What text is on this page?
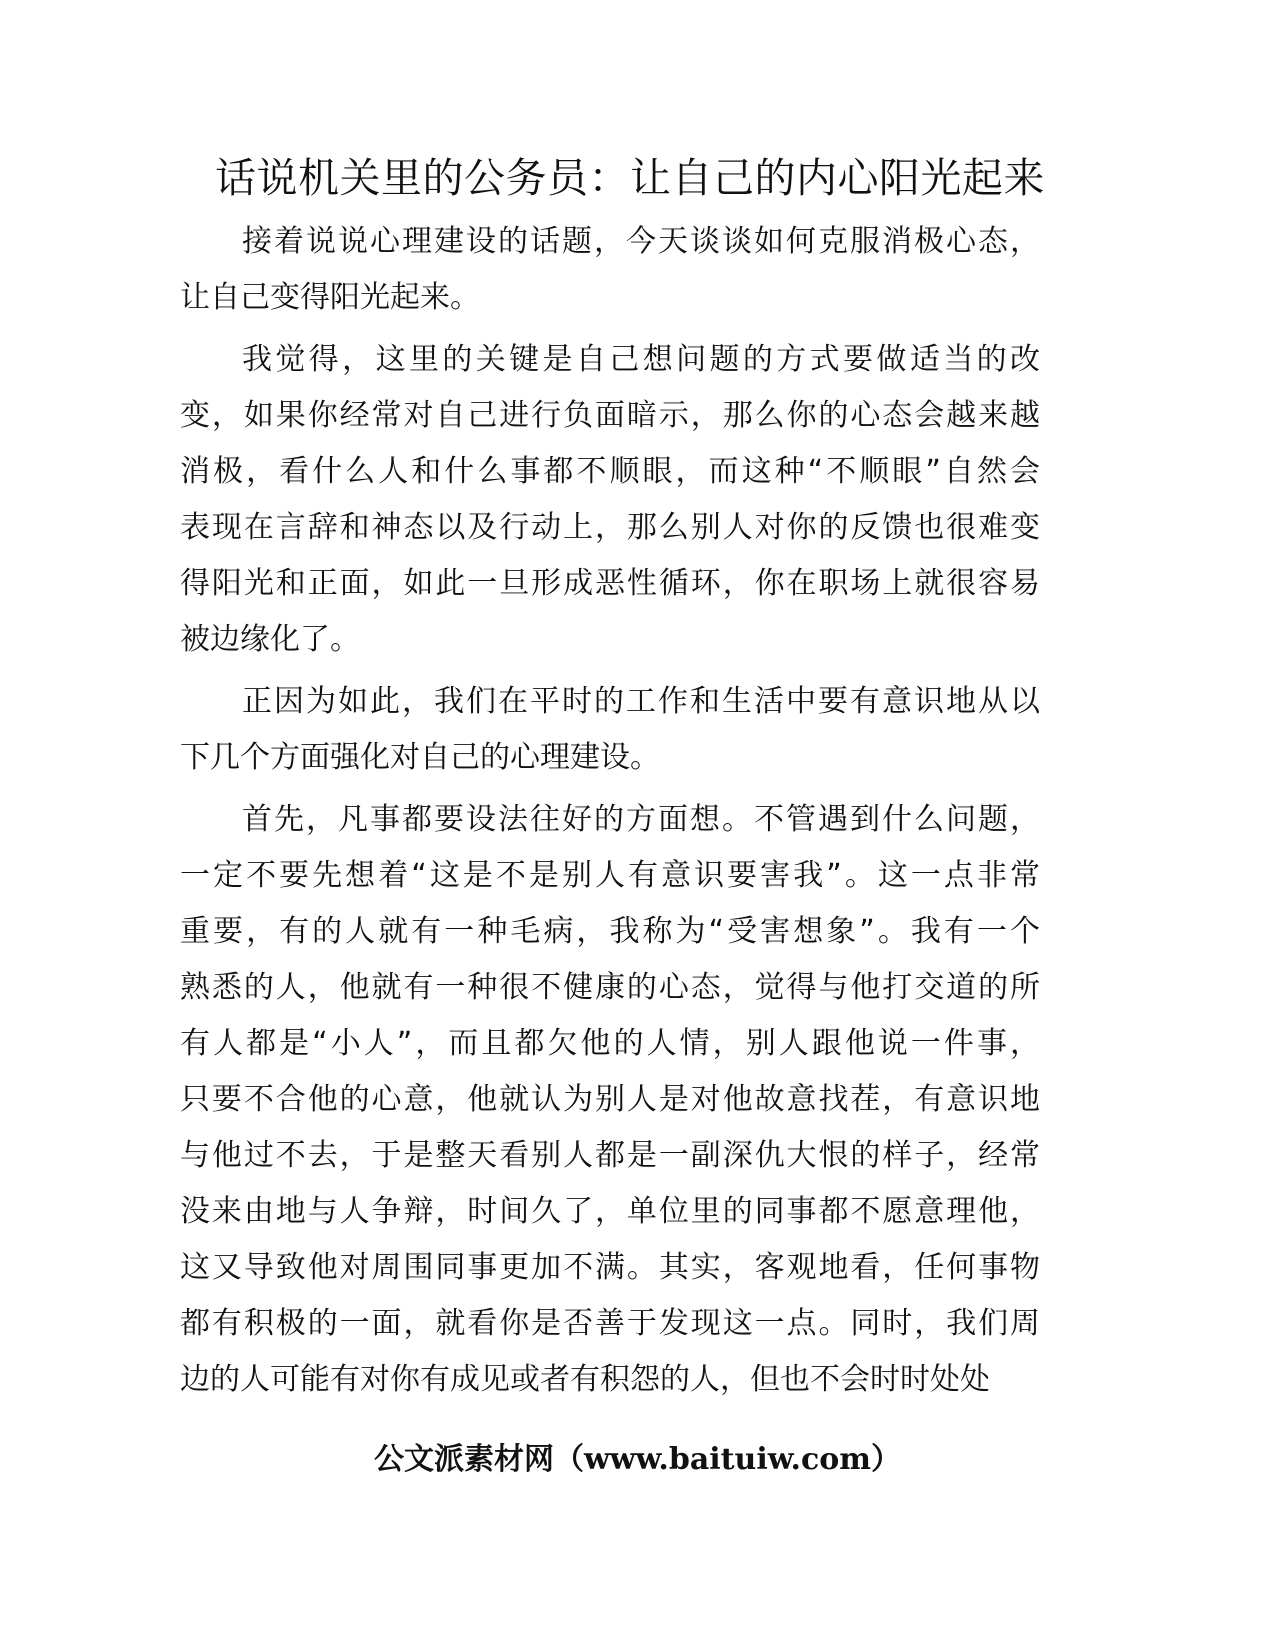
话说机关里的公务员：让自己的内心阳光起来
接着说说心理建设的话题，今天谈谈如何克服消极心态，
让自己变得阳光起来。
我觉得，这里的关键是自己想问题的方式要做适当的改
变，如果你经常对自己进行负面暗示，那么你的心态会越来越
消极，看什么人和什么事都不顺眼，而这种“不顺眼”自然会
表现在言辞和神态以及行动上，那么别人对你的反馈也很难变
得阳光和正面，如此一旦形成恶性循环，你在职场上就很容易
被边缘化了。
正因为如此，我们在平时的工作和生活中要有意识地从以
下几个方面强化对自己的心理建设。
首先，凡事都要设法往好的方面想。不管遇到什么问题，
一定不要先想着“这是不是别人有意识要害我”。这一点非常
重要，有的人就有一种毛病，我称为“受害想象”。我有一个
熟悉的人，他就有一种很不健康的心态，觉得与他打交道的所
有人都是“小人”，而且都欠他的人情，别人跟他说一件事，
只要不合他的心意，他就认为别人是对他故意找茬，有意识地
与他过不去，于是整天看别人都是一副深仇大恨的样子，经常
没来由地与人争辩，时间久了，单位里的同事都不愿意理他，
这又导致他对周围同事更加不满。其实，客观地看，任何事物
都有积极的一面，就看你是否善于发现这一点。同时，我们周
边的人可能有对你有成见或者有积怨的人，但也不会时时处处
公文派素材网（www.baituiw.com）
